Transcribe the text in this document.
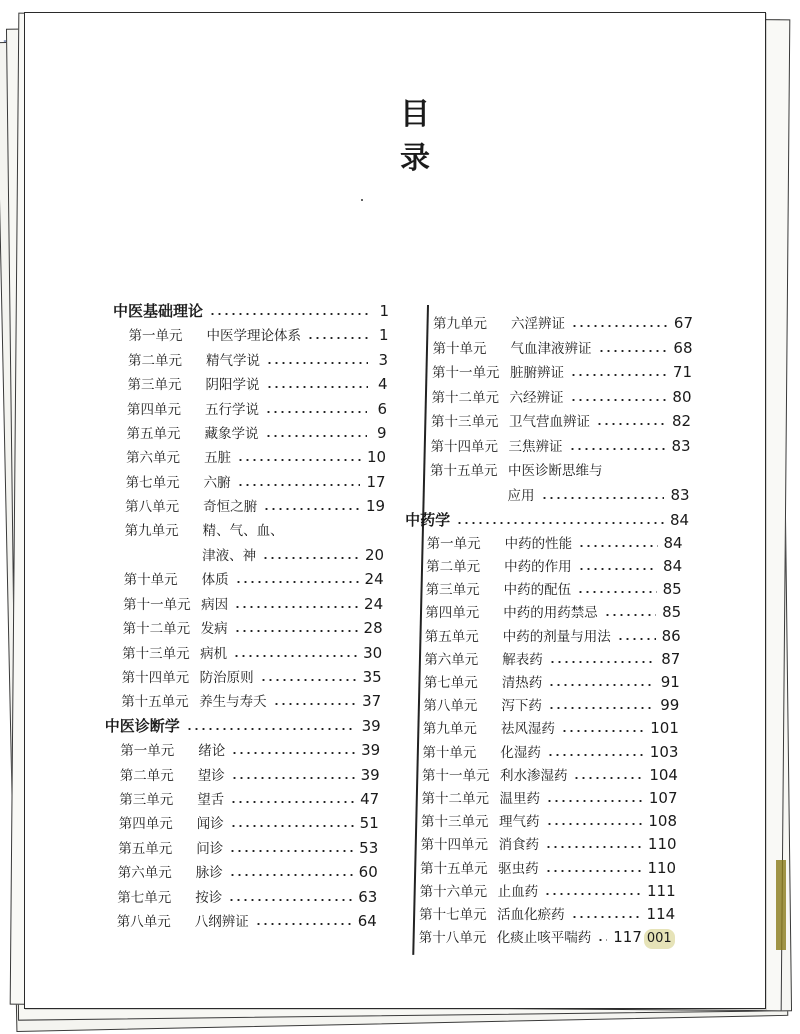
目　录
中医基础理论	1
第一单元	中医学理论体系	1
第二单元	精气学说	3
第三单元	阴阳学说	4
第四单元	五行学说	6
第五单元	藏象学说	9
第六单元	五脏	10
第七单元	六腑	17
第八单元	奇恒之腑	19
第九单元	精、气、血、
津液、神	20
第十单元	体质	24
第十一单元 病因	24
第十二单元 发病	28
第十三单元 病机	30
第十四单元 防治原则	35
第十五单元 养生与寿夭	37
中医诊断学	39
第一单元	绪论	39
第二单元	望诊	39
第三单元	望舌	47
第四单元	闻诊	51
第五单元	问诊	53
第六单元	脉诊	60
第七单元	按诊	63
第八单元	八纲辨证	64
第九单元	六淫辨证	67
第十单元	气血津液辨证	68
第十一单元 脏腑辨证	71
第十二单元 六经辨证	80
第十三单元 卫气营血辨证	82
第十四单元 三焦辨证	83
第十五单元 中医诊断思维与
应用	83
中药学	84
第一单元	中药的性能	84
第二单元	中药的作用	84
第三单元	中药的配伍	85
第四单元	中药的用药禁忌	85
第五单元	中药的剂量与用法	86
第六单元	解表药	87
第七单元	清热药	91
第八单元	泻下药	99
第九单元	祛风湿药	101
第十单元	化湿药	103
第十一单元 利水渗湿药	104
第十二单元 温里药	107
第十三单元 理气药	108
第十四单元 消食药	110
第十五单元 驱虫药	110
第十六单元 止血药	111
第十七单元 活血化瘀药	114
第十八单元 化痰止咳平喘药 117 001
